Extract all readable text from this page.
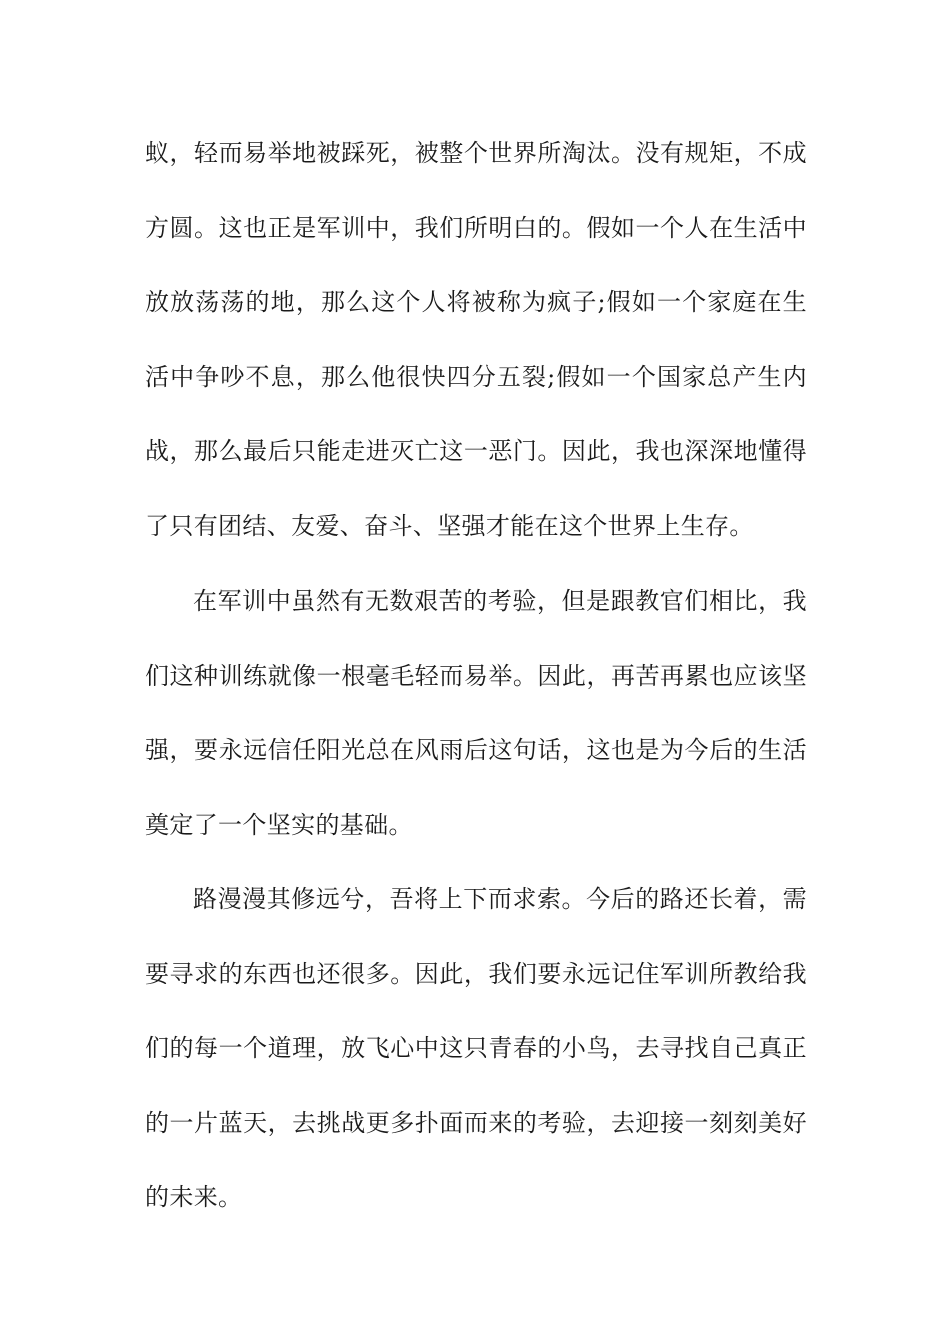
蚁，轻而易举地被踩死，被整个世界所淘汰。没有规矩，不成方圆。这也正是军训中，我们所明白的。假如一个人在生活中放放荡荡的地，那么这个人将被称为疯子;假如一个家庭在生活中争吵不息，那么他很快四分五裂;假如一个国家总产生内战，那么最后只能走进灭亡这一恶门。因此，我也深深地懂得了只有团结、友爱、奋斗、坚强才能在这个世界上生存。

在军训中虽然有无数艰苦的考验，但是跟教官们相比，我们这种训练就像一根毫毛轻而易举。因此，再苦再累也应该坚强，要永远信任阳光总在风雨后这句话，这也是为今后的生活奠定了一个坚实的基础。

路漫漫其修远兮，吾将上下而求索。今后的路还长着，需要寻求的东西也还很多。因此，我们要永远记住军训所教给我们的每一个道理，放飞心中这只青春的小鸟，去寻找自己真正的一片蓝天，去挑战更多扑面而来的考验，去迎接一刻刻美好的未来。
